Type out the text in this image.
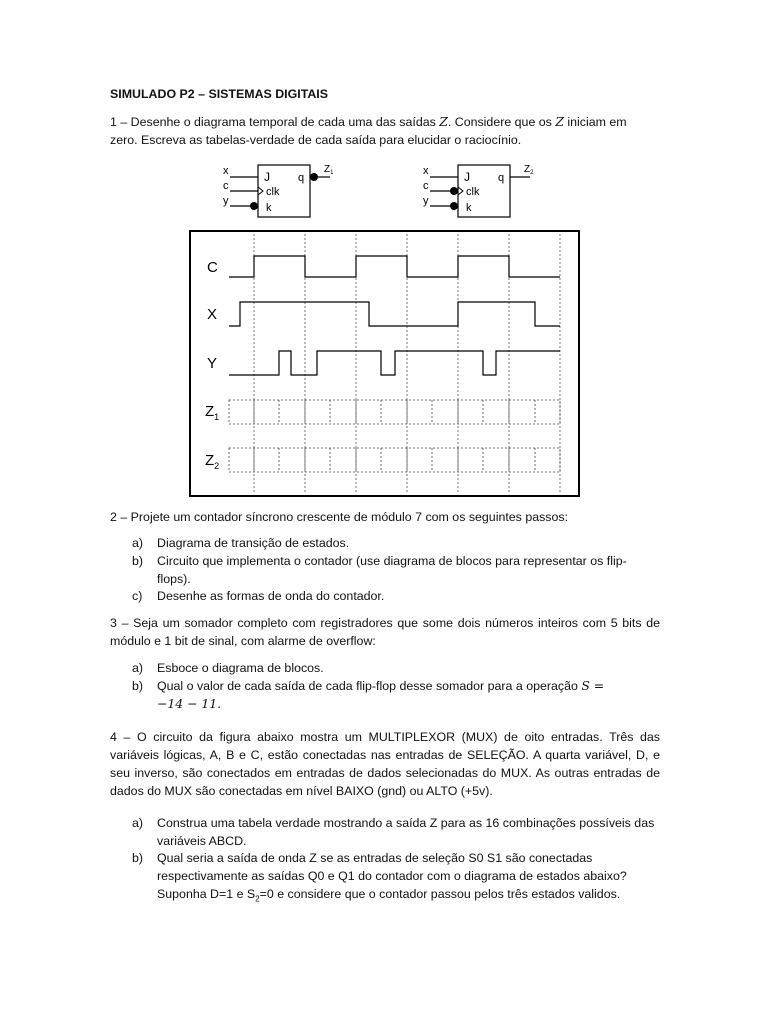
SIMULADO P2 – SISTEMAS DIGITAIS
1 – Desenhe o diagrama temporal de cada uma das saídas Z. Considere que os Z iniciam em
zero. Escreva as tabelas-verdade de cada saída para elucidar o raciocínio.
x
c
y
J	q
clk
k
$Z_1$	x
c
y
J	q
clk
k
$Z_2$
C
X
Y
$Z_1$
$Z_2$
2 – Projete um contador síncrono crescente de módulo 7 com os seguintes passos:
a) Diagrama de transição de estados.
b) Circuito que implementa o contador (use diagrama de blocos para representar os flip-flops).
c) Desenhe as formas de onda do contador.
3 – Seja um somador completo com registradores que some dois números inteiros com 5 bits de módulo e 1 bit de sinal, com alarme de overflow:
a) Esboce o diagrama de blocos.
b) Qual o valor de cada saída de cada flip-flop desse somador para a operação S =
−14 − 11.
4 – O circuito da figura abaixo mostra um MULTIPLEXOR (MUX) de oito entradas. Três das variáveis lógicas, A, B e C, estão conectadas nas entradas de SELEÇÃO. A quarta variável, D, e seu inverso, são conectados em entradas de dados selecionadas do MUX. As outras entradas de dados do MUX são conectadas em nível BAIXO (gnd) ou ALTO (+5v).
a) Construa uma tabela verdade mostrando a saída Z para as 16 combinações possíveis das variáveis ABCD.
b) Qual seria a saída de onda Z se as entradas de seleção S0 S1 são conectadas respectivamente as saídas Q0 e Q1 do contador com o diagrama de estados abaixo? Suponha D=1 e $S_2=0$ e considere que o contador passou pelos três estados validos.
